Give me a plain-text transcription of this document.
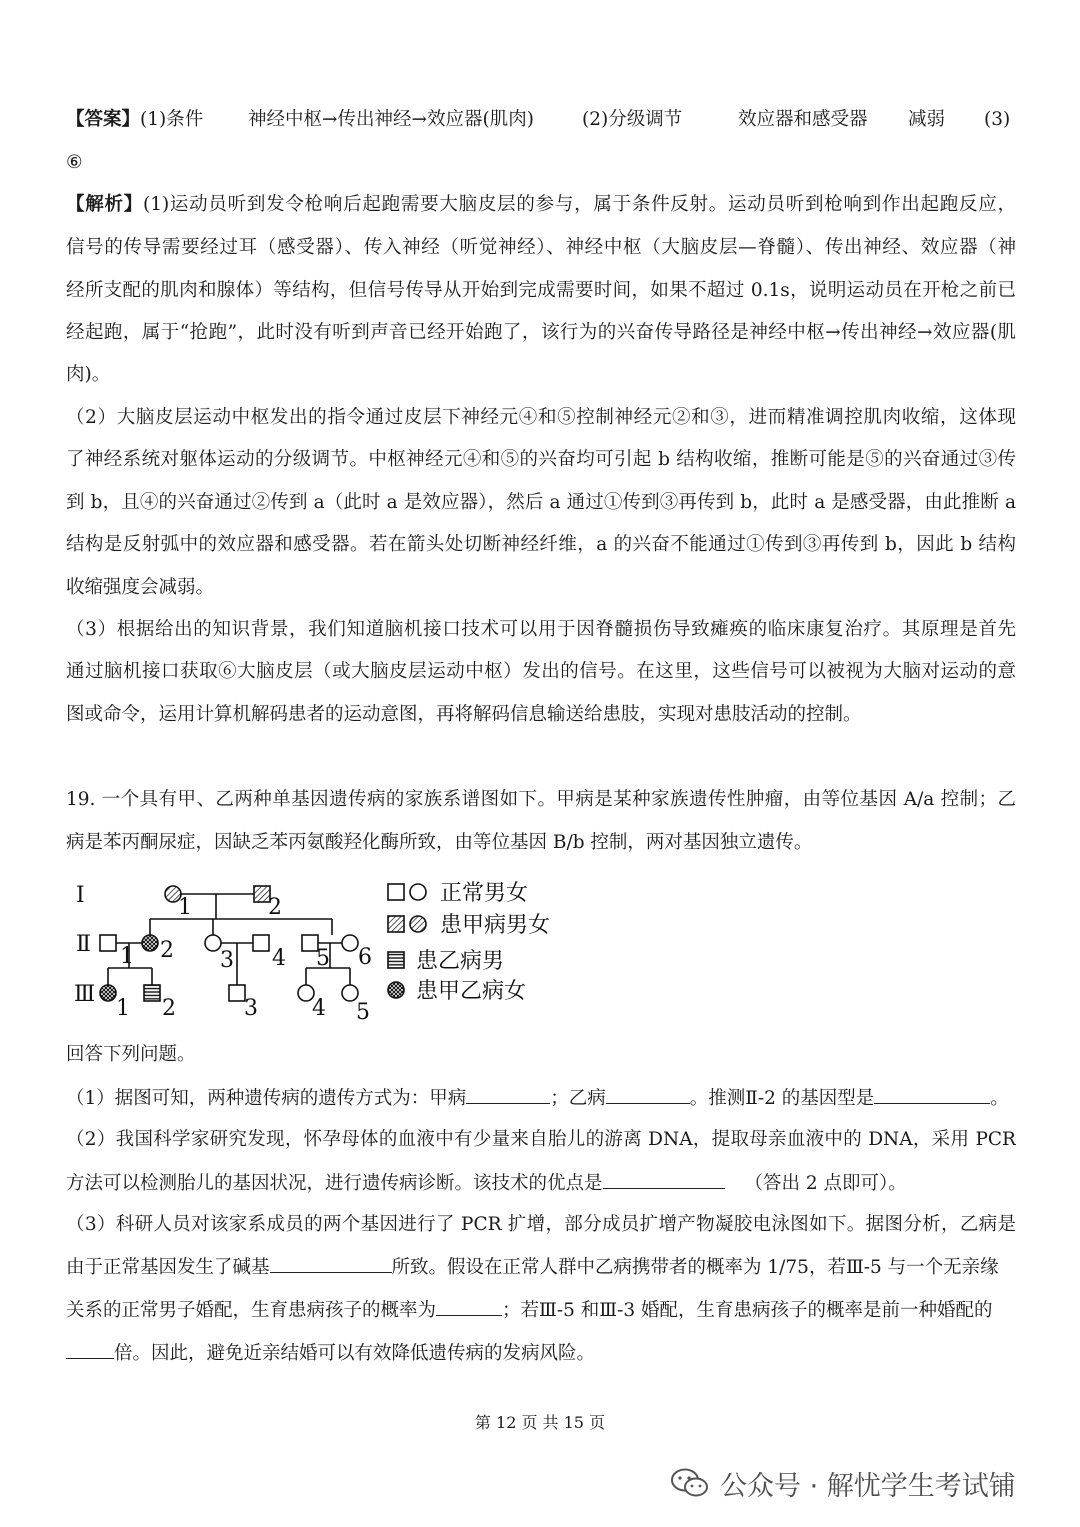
【答案】 (1)条件 神经中枢→传出神经→效应器(肌肉)	(2)分级调节	效应器和感受器 减弱 (3)
⑥
【解析】(1)运动员听到发令枪响后起跑需要大脑皮层的参与，属于条件反射。运动员听到枪响到作出起跑反应，
信号的传导需要经过耳（感受器）、传入神经（听觉神经）、神经中枢（大脑皮层—脊髓）、传出神经、效应器（神
经所支配的肌肉和腺体）等结构，但信号传导从开始到完成需要时间，如果不超过 0.1s，说明运动员在开枪之前已
经起跑，属于“抢跑”，此时没有听到声音已经开始跑了，该行为的兴奋传导路径是神经中枢→传出神经→效应器(肌
肉)。
（2）大脑皮层运动中枢发出的指令通过皮层下神经元④和⑤控制神经元②和③，进而精准调控肌肉收缩，这体现
了神经系统对躯体运动的分级调节。中枢神经元④和⑤的兴奋均可引起 b 结构收缩，推断可能是⑤的兴奋通过③传
到 b，且④的兴奋通过②传到 a（此时 a 是效应器），然后 a 通过①传到③再传到 b，此时 a 是感受器，由此推断 a
结构是反射弧中的效应器和感受器。若在箭头处切断神经纤维，a 的兴奋不能通过①传到③再传到 b，因此 b 结构
收缩强度会减弱。
（3）根据给出的知识背景，我们知道脑机接口技术可以用于因脊髓损伤导致瘫痪的临床康复治疗。其原理是首先
通过脑机接口获取⑥大脑皮层（或大脑皮层运动中枢）发出的信号。在这里，这些信号可以被视为大脑对运动的意
图或命令，运用计算机解码患者的运动意图，再将解码信息输送给患肢，实现对患肢活动的控制。
19. 一个具有甲、乙两种单基因遗传病的家族系谱图如下。甲病是某种家族遗传性肿瘤，由等位基因 A/a 控制；乙
病是苯丙酮尿症，因缺乏苯丙氨酸羟化酶所致，由等位基因 B/b 控制，两对基因独立遗传。
Ⅰ
Ⅱ
Ⅲ
1	2
1 2 3 4 5 6
1 2	3 4 5
正常男女
患甲病男女
患乙病男
患甲乙病女
回答下列问题。
（1）据图可知，两种遗传病的遗传方式为：甲病	；乙病	。推测Ⅱ-2 的基因型是	。
（2）我国科学家研究发现，怀孕母体的血液中有少量来自胎儿的游离 DNA，提取母亲血液中的 DNA，采用 PCR
方法可以检测胎儿的基因状况，进行遗传病诊断。该技术的优点是	（答出 2 点即可）。
（3）科研人员对该家系成员的两个基因进行了 PCR 扩增，部分成员扩增产物凝胶电泳图如下。据图分析，乙病是
由于正常基因发生了碱基	所致。假设在正常人群中乙病携带者的概率为 1/75，若Ⅲ-5 与一个无亲缘
关系的正常男子婚配，生育患病孩子的概率为	；若Ⅲ-5 和Ⅲ-3 婚配，生育患病孩子的概率是前一种婚配的
倍。因此，避免近亲结婚可以有效降低遗传病的发病风险。
第 12 页 共 15 页
公众号 · 解忧学生考试铺
